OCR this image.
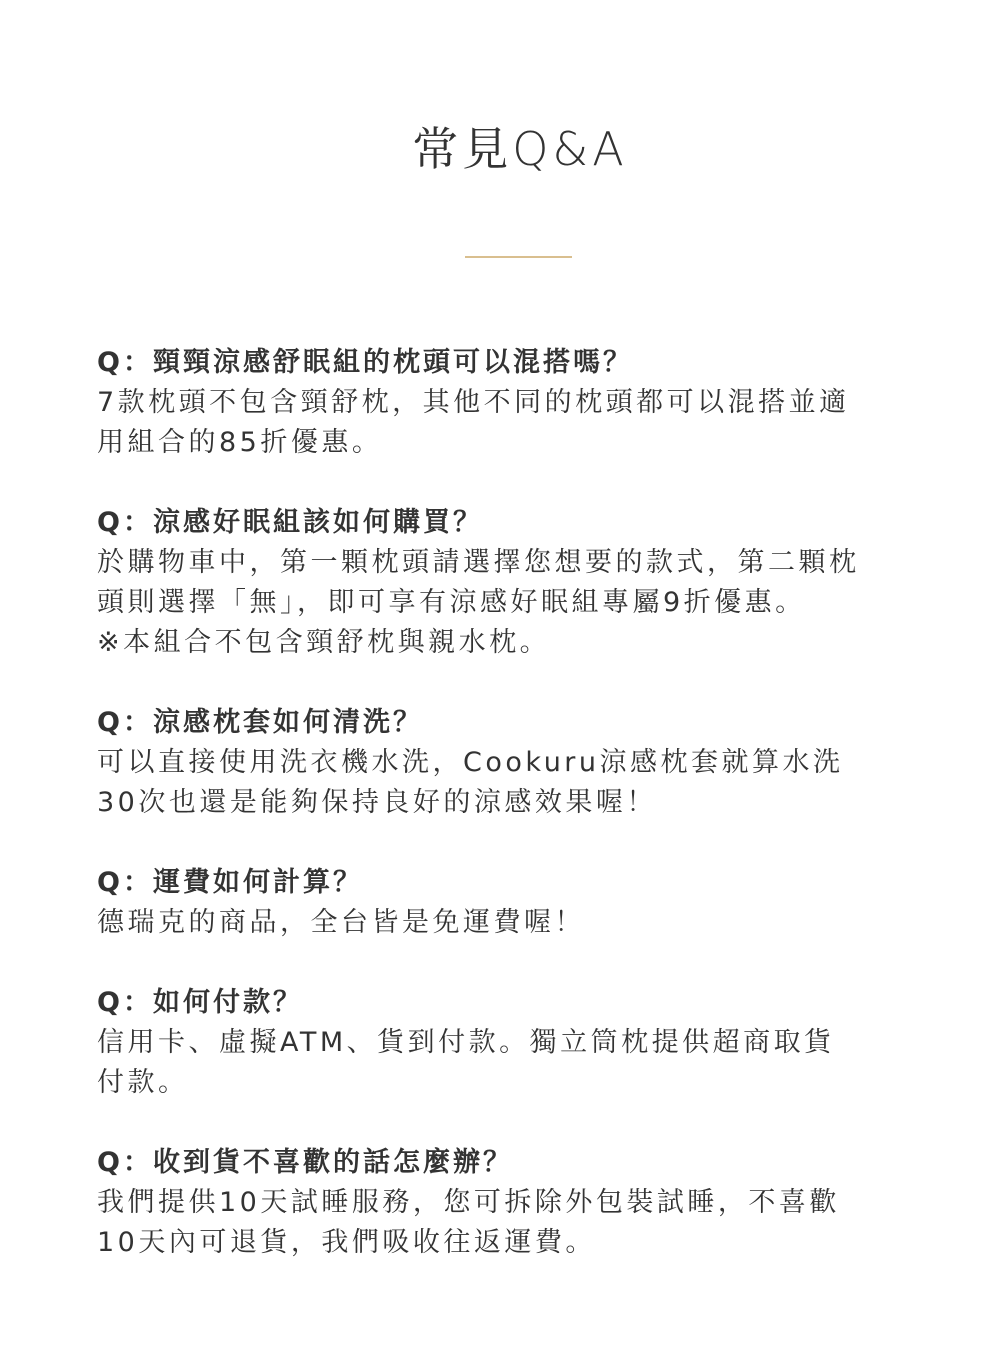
常見Q&A

Q：頸頸涼感舒眠組的枕頭可以混搭嗎？

7款枕頭不包含頸舒枕，其他不同的枕頭都可以混搭並適

用組合的85折優惠。

Q：涼感好眠組該如何購買？

於購物車中，第一顆枕頭請選擇您想要的款式，第二顆枕

頭則選擇「無」，即可享有涼感好眠組專屬9折優惠。

※本組合不包含頸舒枕與親水枕。

Q：涼感枕套如何清洗？

可以直接使用洗衣機水洗，Cookuru涼感枕套就算水洗

30次也還是能夠保持良好的涼感效果喔！

Q：運費如何計算？

德瑞克的商品，全台皆是免運費喔！

Q：如何付款？

信用卡、虛擬ATM、貨到付款。獨立筒枕提供超商取貨

付款。

Q：收到貨不喜歡的話怎麼辦？

我們提供10天試睡服務，您可拆除外包裝試睡，不喜歡

10天內可退貨，我們吸收往返運費。
